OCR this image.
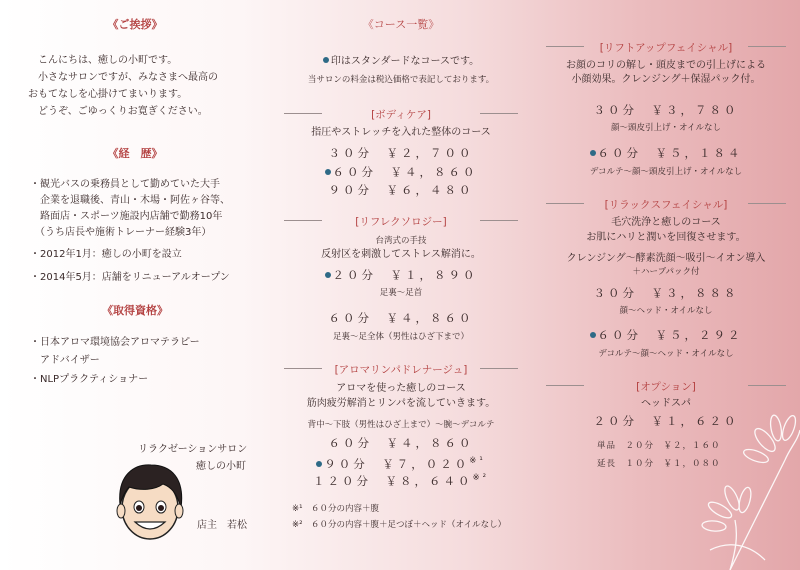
《ご挨拶》
こんにちは、癒しの小町です。
小さなサロンですが、みなさまへ最高の
おもてなしを心掛けてまいります。
どうぞ、ごゆっくりお寛ぎください。
《経　歴》
・観光バスの乗務員として勤めていた大手
　企業を退職後、青山・木場・阿佐ヶ谷等、
　路面店・スポーツ施設内店舗で勤務10年
　（うち店長や施術トレーナー経験3年）
・2012年1月：癒しの小町を設立
・2014年5月：店舗をリニューアルオープン
《取得資格》
・日本アロマ環境協会アロマテラピー
　アドバイザー
・NLPプラクティショナー
リラクゼーションサロン
癒しの小町
店主　若松
《コース一覧》
印はスタンダードなコースです。
当サロンの料金は税込価格で表記しております。
[ボディケア]
指圧やストレッチを入れた整体のコース
３０分　￥２，７００
６０分　￥４，８６０
９０分　￥６，４８０
[リフレクソロジー]
台湾式の手技
反射区を刺激してストレス解消に。
２０分　￥１，８９０
足裏～足首
６０分　￥４，８６０
足裏～足全体（男性はひざ下まで）
[アロマリンパドレナージュ]
アロマを使った癒しのコース
筋肉疲労解消とリンパを流していきます。
背中～下肢（男性はひざ上まで）～腕～デコルテ
６０分　￥４，８６０
９０分　￥７，$020^{※^1}$
１２０分　￥８，$640^{※^2}$
※¹　６０分の内容＋腹
※²　６０分の内容＋腹＋足つぼ＋ヘッド（オイルなし）
[リフトアップフェイシャル]
お顔のコリの解し・頭皮までの引上げによる
小顔効果。クレンジング＋保湿パック付。
３０分　￥３，７８０
顔～頭皮引上げ・オイルなし
６０分　￥５，１８４
デコルテ～顔～頭皮引上げ・オイルなし
[リラックスフェイシャル]
毛穴洗浄と癒しのコース
お肌にハリと潤いを回復させます。
クレンジング～酵素洗顔～吸引～イオン導入
＋ハーブパック付
３０分　￥３，８８８
顔～ヘッド・オイルなし
６０分　￥５，２９２
デコルテ～顔～ヘッド・オイルなし
[オプション]
ヘッドスパ
２０分　￥１，６２０
単品　２０分　￥２，１６０
延長　１０分　￥１，０８０
